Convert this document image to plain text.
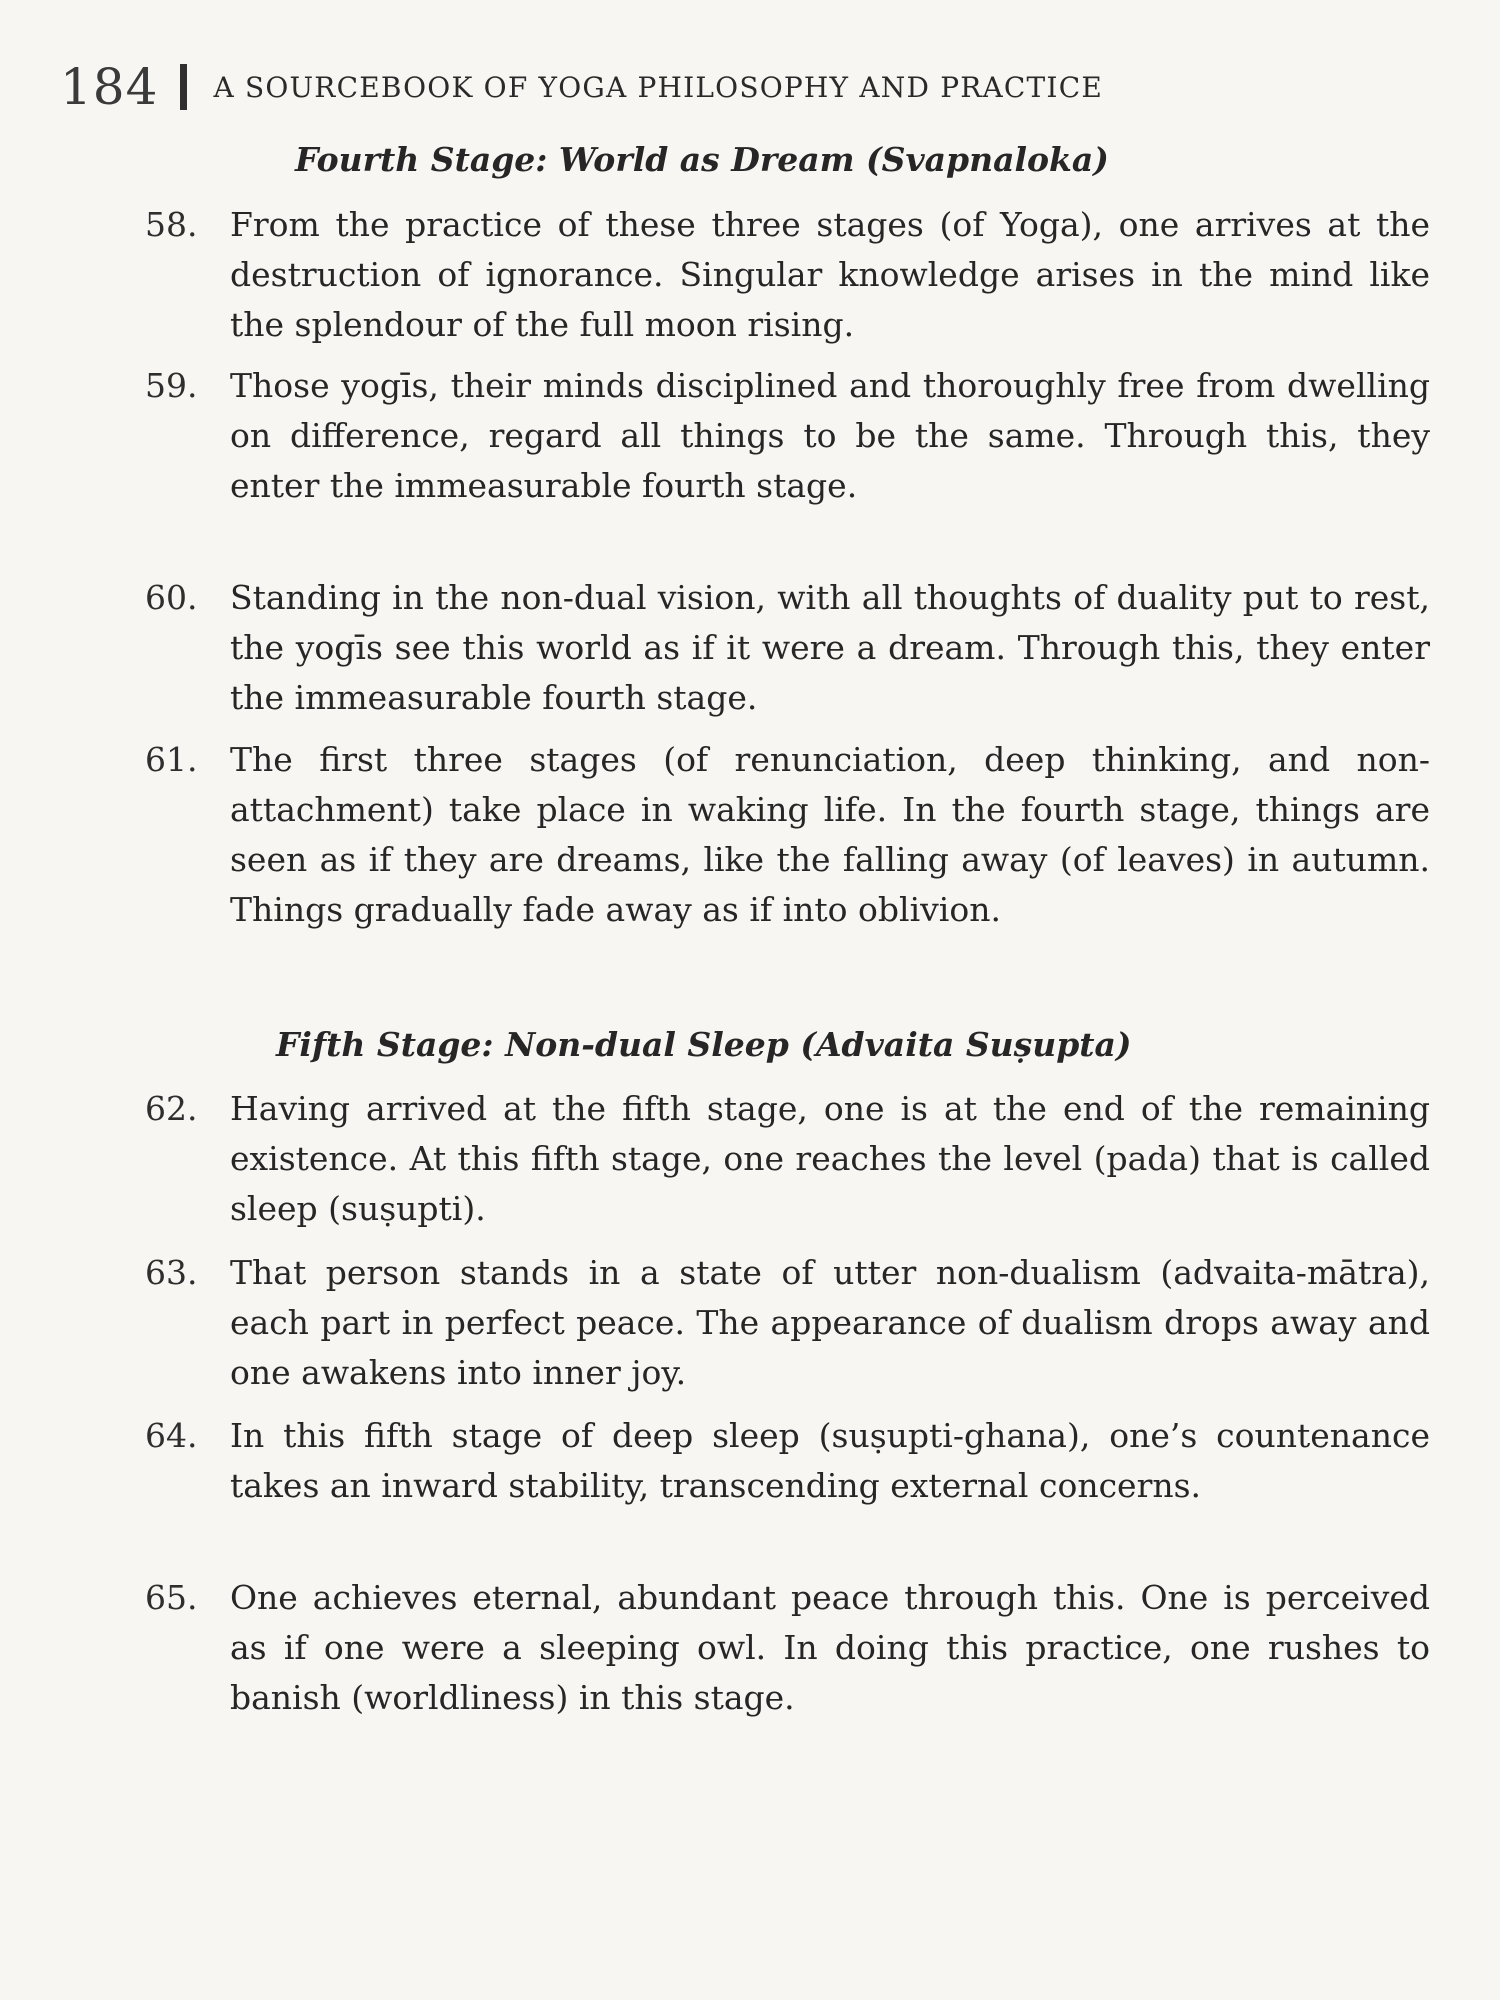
184 A SOURCEBOOK OF YOGA PHILOSOPHY AND PRACTICE
Fourth Stage: World as Dream (Svapnaloka)
58. From the practice of these three stages (of Yoga), one arrives at the destruction of ignorance. Singular knowledge arises in the mind like the splendour of the full moon rising.
59. Those yogīs, their minds disciplined and thoroughly free from dwelling on difference, regard all things to be the same. Through this, they enter the immeasurable fourth stage.
60. Standing in the non-dual vision, with all thoughts of duality put to rest, the yogīs see this world as if it were a dream. Through this, they enter the immeasurable fourth stage.
61. The first three stages (of renunciation, deep thinking, and non-attachment) take place in waking life. In the fourth stage, things are seen as if they are dreams, like the falling away (of leaves) in autumn. Things gradually fade away as if into oblivion.
Fifth Stage: Non-dual Sleep (Advaita Suṣupta)
62. Having arrived at the fifth stage, one is at the end of the remaining existence. At this fifth stage, one reaches the level (pada) that is called sleep (suṣupti).
63. That person stands in a state of utter non-dualism (advaita-mātra), each part in perfect peace. The appearance of dualism drops away and one awakens into inner joy.
64. In this fifth stage of deep sleep (suṣupti-ghana), one’s countenance takes an inward stability, transcending external concerns.
65. One achieves eternal, abundant peace through this. One is perceived as if one were a sleeping owl. In doing this practice, one rushes to banish (worldliness) in this stage.
